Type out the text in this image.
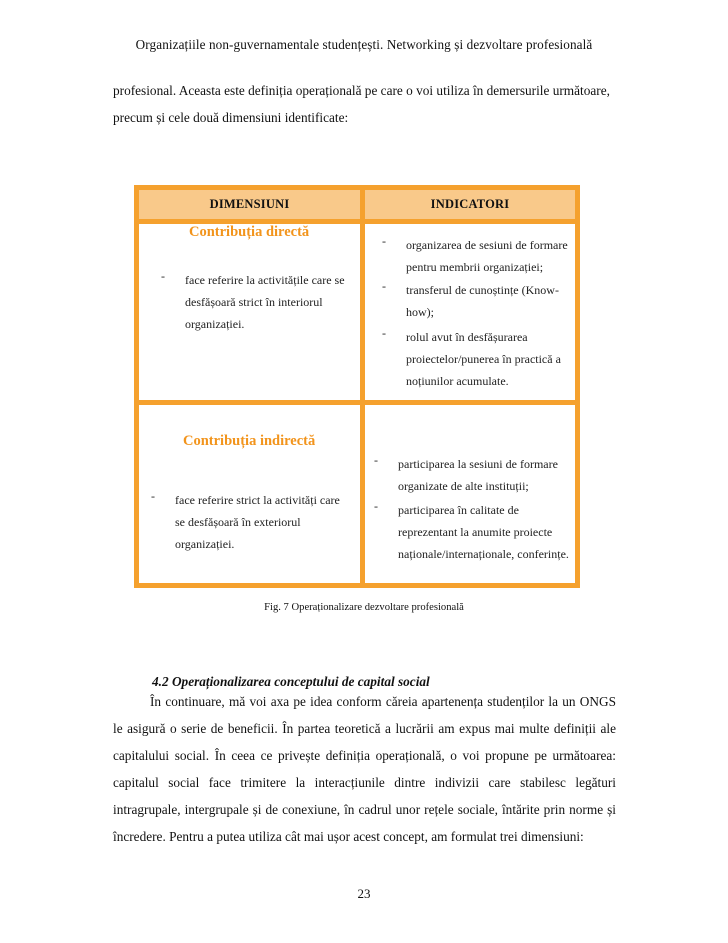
Organizațiile non-guvernamentale studențești. Networking și dezvoltare profesională
profesional. Aceasta este definiția operațională pe care o voi utiliza în demersurile următoare,
precum și cele două dimensiuni identificate:
DIMENSIUNI	INDICATORI
Contribuția directă
- face referire la activitățile care se
desfășoară strict în interiorul
organizației.
- organizarea de sesiuni de formare
pentru membrii organizației;
- transferul de cunoștințe (Know-
how);
- rolul avut în desfășurarea
proiectelor/punerea în practică a
noțiunilor acumulate.
Contribuția indirectă
- face referire strict la activități care
se desfășoară în exteriorul
organizației.
- participarea la sesiuni de formare
organizate de alte instituții;
- participarea în calitate de
reprezentant la anumite proiecte
naționale/internaționale, conferințe.
Fig. 7 Operaționalizare dezvoltare profesională
4.2 Operaționalizarea conceptului de capital social
În continuare, mă voi axa pe idea conform căreia apartenența studenților la un ONGS
le asigură o serie de beneficii. În partea teoretică a lucrării am expus mai multe definiții ale
capitalului social. În ceea ce privește definiția operațională, o voi propune pe următoarea:
capitalul social face trimitere la interacțiunile dintre indivizii care stabilesc legături
intragrupale, intergrupale și de conexiune, în cadrul unor rețele sociale, întărite prin norme și
încredere. Pentru a putea utiliza cât mai ușor acest concept, am formulat trei dimensiuni:
23
